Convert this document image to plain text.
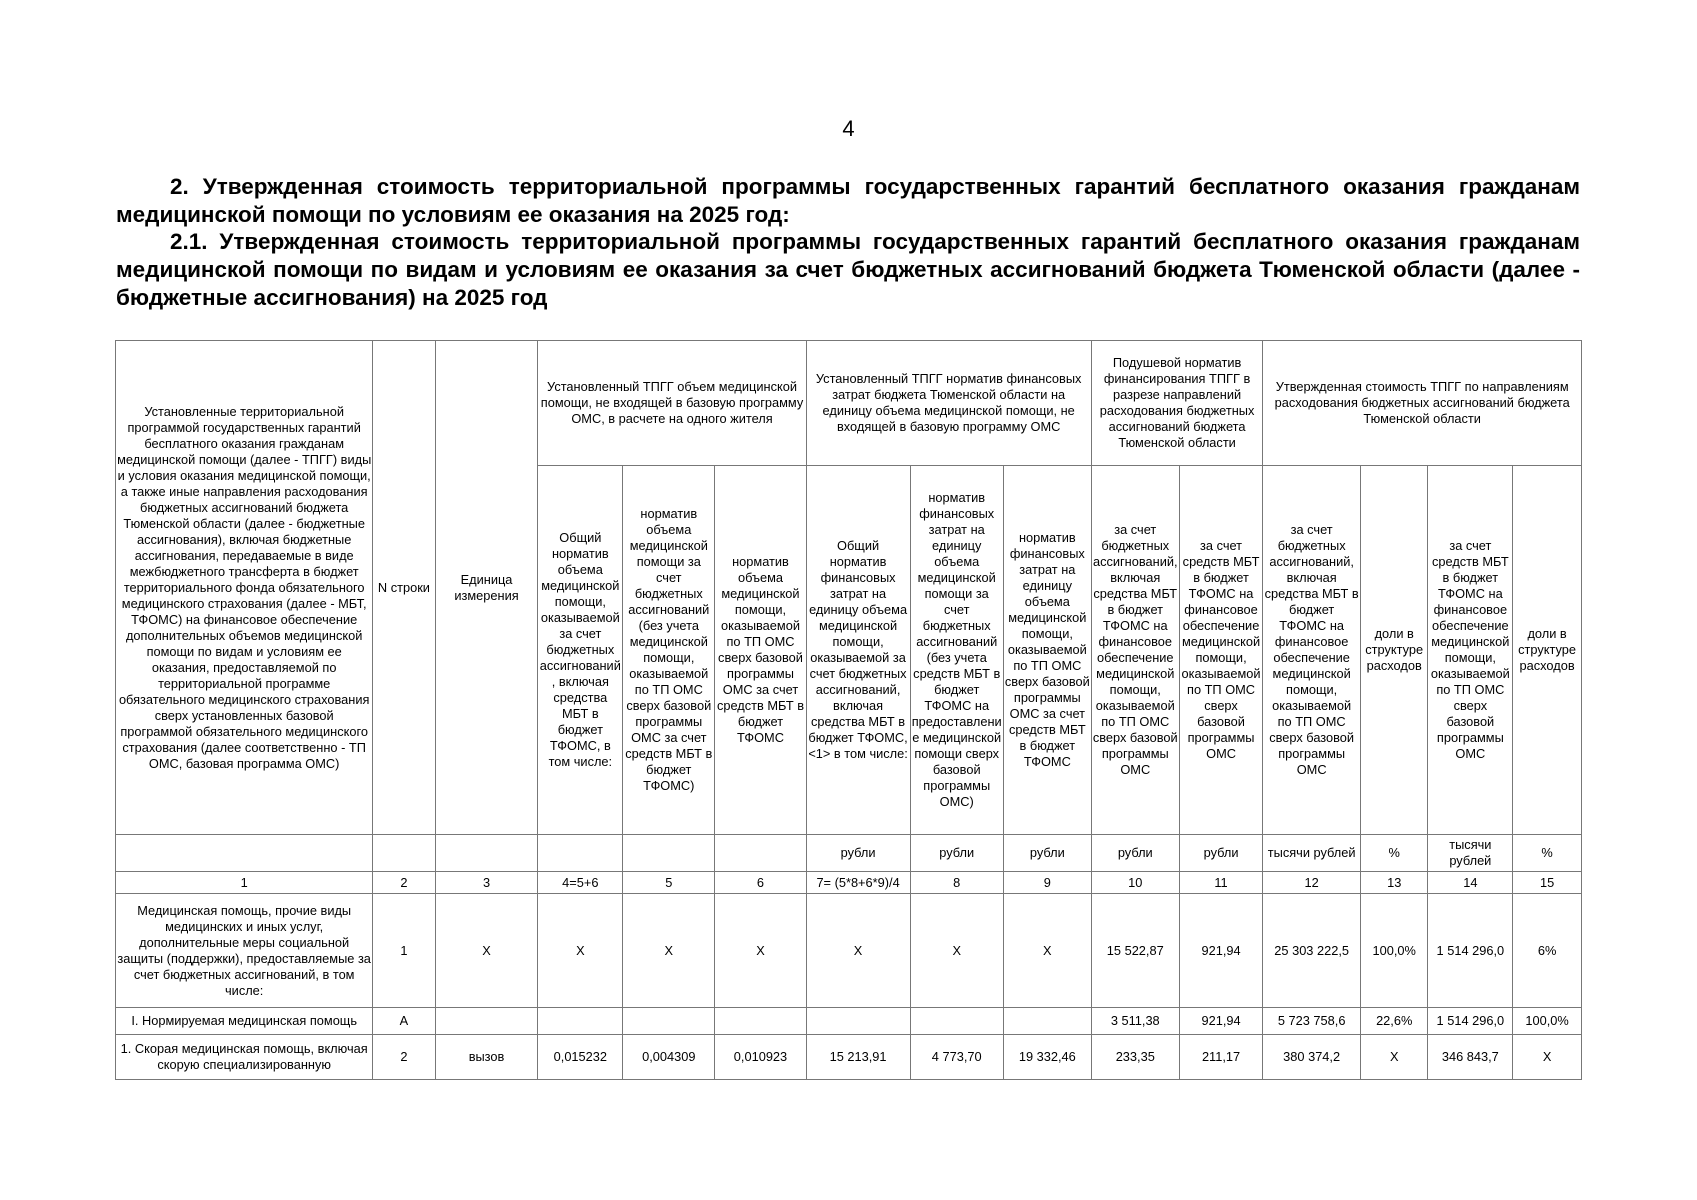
4

2. Утвержденная стоимость территориальной программы государственных гарантий бесплатного оказания гражданам медицинской помощи по условиям ее оказания на 2025 год:

2.1. Утвержденная стоимость территориальной программы государственных гарантий бесплатного оказания гражданам медицинской помощи по видам и условиям ее оказания за счет бюджетных ассигнований бюджета Тюменской области (далее - бюджетные ассигнования) на 2025 год

Установленные территориальной программой государственных гарантий бесплатного оказания гражданам медицинской помощи (далее - ТПГГ) виды и условия оказания медицинской помощи, а также иные направления расходования бюджетных ассигнований бюджета Тюменской области (далее - бюджетные ассигнования), включая бюджетные ассигнования, передаваемые в виде межбюджетного трансферта в бюджет территориального фонда обязательного медицинского страхования (далее - МБТ, ТФОМС) на финансовое обеспечение дополнительных объемов медицинской помощи по видам и условиям ее оказания, предоставляемой по территориальной программе обязательного медицинского страхования сверх установленных базовой программой обязательного медицинского страхования (далее соответственно - ТП ОМС, базовая программа ОМС)	N строки	Единица измерения	Установленный ТПГГ объем медицинской помощи, не входящей в базовую программу ОМС, в расчете на одного жителя			Установленный ТПГГ норматив финансовых затрат бюджета Тюменской области на единицу объема медицинской помощи, не входящей в базовую программу ОМС			Подушевой норматив финансирования ТПГГ в разрезе направлений расходования бюджетных ассигнований бюджета Тюменской области		Утвержденная стоимость ТПГГ по направлениям расходования бюджетных ассигнований бюджета Тюменской области			
			Общий норматив объема медицинской помощи, оказываемой за счет бюджетных ассигнований, включая средства МБТ в бюджет ТФОМС, в том числе:	норматив объема медицинской помощи за счет бюджетных ассигнований (без учета медицинской помощи, оказываемой по ТП ОМС сверх базовой программы ОМС за счет средств МБТ в бюджет ТФОМС)	норматив объема медицинской помощи, оказываемой по ТП ОМС сверх базовой программы ОМС за счет средств МБТ в бюджет ТФОМС	Общий норматив финансовых затрат на единицу объема медицинской помощи, оказываемой за счет бюджетных ассигнований, включая средства МБТ в бюджет ТФОМС, <1> в том числе:	норматив финансовых затрат на единицу объема медицинской помощи за счет бюджетных ассигнований (без учета средств МБТ в бюджет ТФОМС на предоставление медицинской помощи сверх базовой программы ОМС)	норматив финансовых затрат на единицу объема медицинской помощи, оказываемой по ТП ОМС сверх базовой программы ОМС за счет средств МБТ в бюджет ТФОМС	за счет бюджетных ассигнований, включая средства МБТ в бюджет ТФОМС на финансовое обеспечение медицинской помощи, оказываемой по ТП ОМС сверх базовой программы ОМС	за счет средств МБТ в бюджет ТФОМС на финансовое обеспечение медицинской помощи, оказываемой по ТП ОМС сверх базовой программы ОМС	за счет бюджетных ассигнований, включая средства МБТ в бюджет ТФОМС на финансовое обеспечение медицинской помощи, оказываемой по ТП ОМС сверх базовой программы ОМС	доли в структуре расходов	за счет средств МБТ в бюджет ТФОМС на финансовое обеспечение медицинской помощи, оказываемой по ТП ОМС сверх базовой программы ОМС	доли в структуре расходов
						рубли	рубли	рубли	рубли	рубли	тысячи рублей	%	тысячи рублей	%
1	2	3	4=5+6	5	6	7= (5*8+6*9)/4	8	9	10	11	12	13	14	15
Медицинская помощь, прочие виды медицинских и иных услуг, дополнительные меры социальной защиты (поддержки), предоставляемые за счет бюджетных ассигнований, в том числе:	1	X	X	X	X	X	X	X	15 522,87	921,94	25 303 222,5	100,0%	1 514 296,0	6%
I. Нормируемая медицинская помощь	А								3 511,38	921,94	5 723 758,6	22,6%	1 514 296,0	100,0%
1. Скорая медицинская помощь, включая скорую специализированную	2	вызов	0,015232	0,004309	0,010923	15 213,91	4 773,70	19 332,46	233,35	211,17	380 374,2	X	346 843,7	X
